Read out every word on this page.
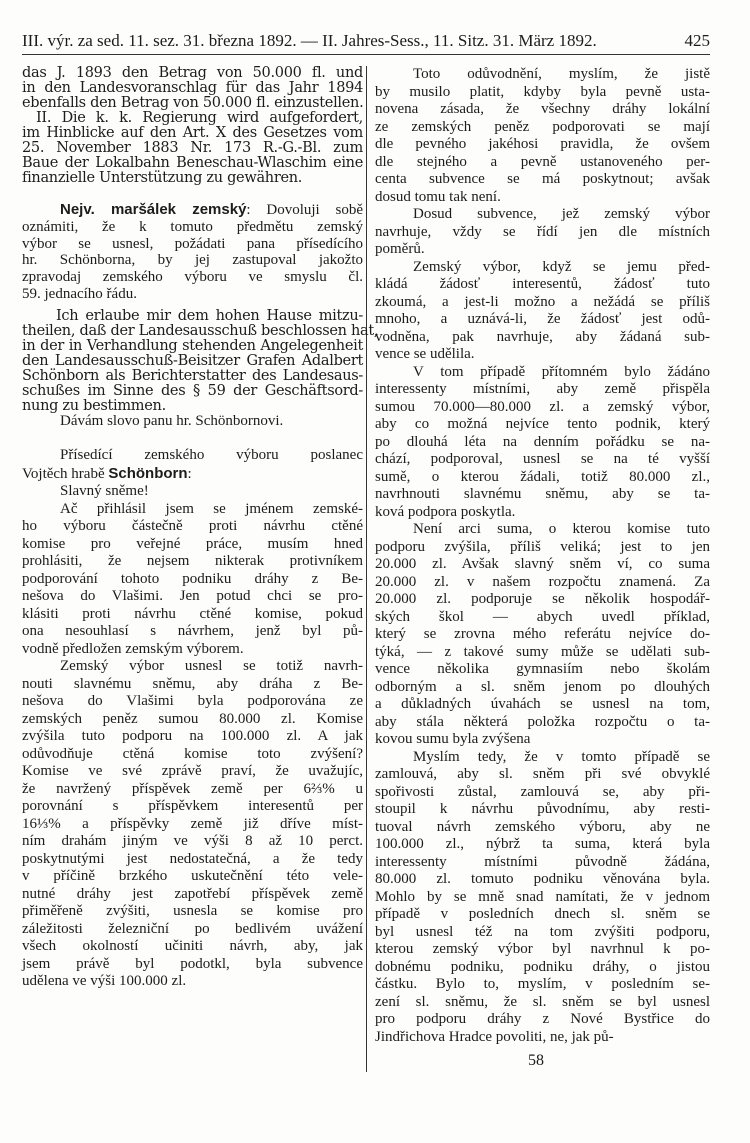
III. výr. za sed. 11. sez. 31. března 1892. — II. Jahres-Sess., 11. Sitz. 31. März 1892.	425
das J. 1893 den Betrag von 50.000 fl. und
in den Landesvoranschlag für das Jahr 1894
ebenfalls den Betrag von 50.000 fl. einzustellen.
II. Die k. k. Regierung wird aufgefordert,
im Hinblicke auf den Art. X des Gesetzes vom
25. November 1883 Nr. 173 R.-G.-Bl. zum
Baue der Lokalbahn Beneschau-Wlaschim eine
finanzielle Unterstützung zu gewähren.
Nejv. maršálek zemský: Dovoluji sobě
oznámiti, že k tomuto předmětu zemský
výbor se usnesl, požádati pana přísedícího
hr. Schönborna, by jej zastupoval jakožto
zpravodaj zemského výboru ve smyslu čl.
59. jednacího řádu.
Ich erlaube mir dem hohen Hause mitzu-
theilen, daß der Landesausschuß beschlossen hat,
in der in Verhandlung stehenden Angelegenheit
den Landesausschuß-Beisitzer Grafen Adalbert
Schönborn als Berichterstatter des Landesaus-
schußes im Sinne des § 59 der Geschäftsord-
nung zu bestimmen.
Dávám slovo panu hr. Schönbornovi.
Přísedící zemského výboru poslanec
Vojtěch hrabě Schönborn:
Slavný sněme!
Ač přihlásil jsem se jménem zemské-
ho výboru částečně proti návrhu ctěné
komise pro veřejné práce, musím hned
prohlásiti, že nejsem nikterak protivníkem
podporování tohoto podniku dráhy z Be-
nešova do Vlašimi. Jen potud chci se pro-
klásiti proti návrhu ctěné komise, pokud
ona nesouhlasí s návrhem, jenž byl pů-
vodně předložen zemským výborem.
Zemský výbor usnesl se totiž navrh-
nouti slavnému sněmu, aby dráha z Be-
nešova do Vlašimi byla podporována ze
zemských peněz sumou 80.000 zl. Komise
zvýšila tuto podporu na 100.000 zl. A jak
odůvodňuje ctěná komise toto zvýšení?
Komise ve své zprávě praví, že uvažujíc,
že navržený příspěvek země per 6⅔% u
porovnání s příspěvkem interesentů per
16⅓% a příspěvky země již dříve míst-
ním drahám jiným ve výši 8 až 10 perct.
poskytnutými jest nedostatečná, a že tedy
v příčině brzkého uskutečnění této vele-
nutné dráhy jest zapotřebí příspěvek země
přiměřeně zvýšiti, usnesla se komise pro
záležitosti železniční po bedlivém uvážení
všech okolností učiniti návrh, aby, jak
jsem právě byl podotkl, byla subvence
udělena ve výši 100.000 zl.
Toto odůvodnění, myslím, že jistě
by musilo platit, kdyby byla pevně usta-
novena zásada, že všechny dráhy lokální
ze zemských peněz podporovati se mají
dle pevného jakéhosi pravidla, že ovšem
dle stejného a pevně ustanoveného per-
centa subvence se má poskytnout; avšak
dosud tomu tak není.
Dosud subvence, jež zemský výbor
navrhuje, vždy se řídí jen dle místních
poměrů.
Zemský výbor, když se jemu před-
kládá žádosť interesentů, žádosť tuto
zkoumá, a jest-li možno a nežádá se příliš
mnoho, a uznává-li, že žádosť jest odů-
vodněna, pak navrhuje, aby žádaná sub-
vence se udělila.
V tom případě přítomném bylo žádáno
interessenty místními, aby země přispěla
sumou 70.000—80.000 zl. a zemský výbor,
aby co možná nejvíce tento podnik, který
po dlouhá léta na denním pořádku se na-
chází, podporoval, usnesl se na té vyšší
sumě, o kterou žádali, totiž 80.000 zl.,
navrhnouti slavnému sněmu, aby se ta-
ková podpora poskytla.
Není arci suma, o kterou komise tuto
podporu zvýšila, příliš veliká; jest to jen
20.000 zl. Avšak slavný sněm ví, co suma
20.000 zl. v našem rozpočtu znamená. Za
20.000 zl. podporuje se několik hospodář-
ských škol — abych uvedl příklad,
který se zrovna mého referátu nejvíce do-
týká, — z takové sumy může se udělati sub-
vence několika gymnasiím nebo školám
odborným a sl. sněm jenom po dlouhých
a důkladných úvahách se usnesl na tom,
aby stála některá položka rozpočtu o ta-
kovou sumu byla zvýšena
Myslím tedy, že v tomto případě se
zamlouvá, aby sl. sněm při své obvyklé
spořivosti zůstal, zamlouvá se, aby při-
stoupil k návrhu původnímu, aby resti-
tuoval návrh zemského výboru, aby ne
100.000 zl., nýbrž ta suma, která byla
interessenty místními původně žádána,
80.000 zl. tomuto podniku věnována byla.
Mohlo by se mně snad namítati, že v jednom
případě v posledních dnech sl. sněm se
byl usnesl též na tom zvýšiti podporu,
kterou zemský výbor byl navrhnul k po-
dobnému podniku, podniku dráhy, o jistou
částku. Bylo to, myslím, v posledním se-
zení sl. sněmu, že sl. sněm se byl usnesl
pro podporu dráhy z Nové Bystřice do
Jindřichova Hradce povoliti, ne, jak pů-
58
